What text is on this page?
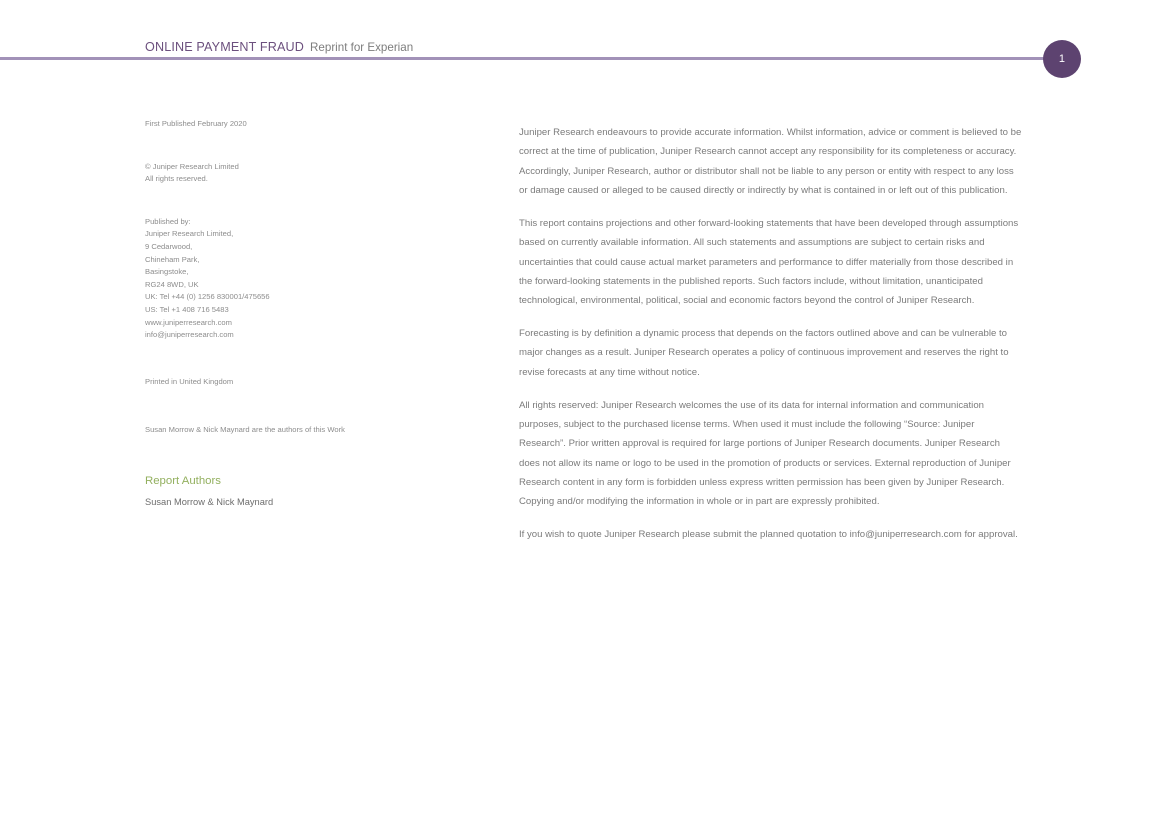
ONLINE PAYMENT FRAUD Reprint for Experian
1
First Published February 2020
© Juniper Research Limited
All rights reserved.
Published by:
Juniper Research Limited,
9 Cedarwood,
Chineham Park,
Basingstoke,
RG24 8WD, UK
UK: Tel +44 (0) 1256 830001/475656
US: Tel +1 408 716 5483
www.juniperresearch.com
info@juniperresearch.com
Printed in United Kingdom
Susan Morrow & Nick Maynard are the authors of this Work
Report Authors
Susan Morrow & Nick Maynard

Juniper Research endeavours to provide accurate information. Whilst information, advice or comment is believed to be correct at the time of publication, Juniper Research cannot accept any responsibility for its completeness or accuracy. Accordingly, Juniper Research, author or distributor shall not be liable to any person or entity with respect to any loss or damage caused or alleged to be caused directly or indirectly by what is contained in or left out of this publication.

This report contains projections and other forward-looking statements that have been developed through assumptions based on currently available information. All such statements and assumptions are subject to certain risks and uncertainties that could cause actual market parameters and performance to differ materially from those described in the forward-looking statements in the published reports. Such factors include, without limitation, unanticipated technological, environmental, political, social and economic factors beyond the control of Juniper Research.

Forecasting is by definition a dynamic process that depends on the factors outlined above and can be vulnerable to major changes as a result. Juniper Research operates a policy of continuous improvement and reserves the right to revise forecasts at any time without notice.

All rights reserved: Juniper Research welcomes the use of its data for internal information and communication purposes, subject to the purchased license terms. When used it must include the following “Source: Juniper Research”. Prior written approval is required for large portions of Juniper Research documents. Juniper Research does not allow its name or logo to be used in the promotion of products or services. External reproduction of Juniper Research content in any form is forbidden unless express written permission has been given by Juniper Research. Copying and/or modifying the information in whole or in part are expressly prohibited.

If you wish to quote Juniper Research please submit the planned quotation to info@juniperresearch.com for approval.
